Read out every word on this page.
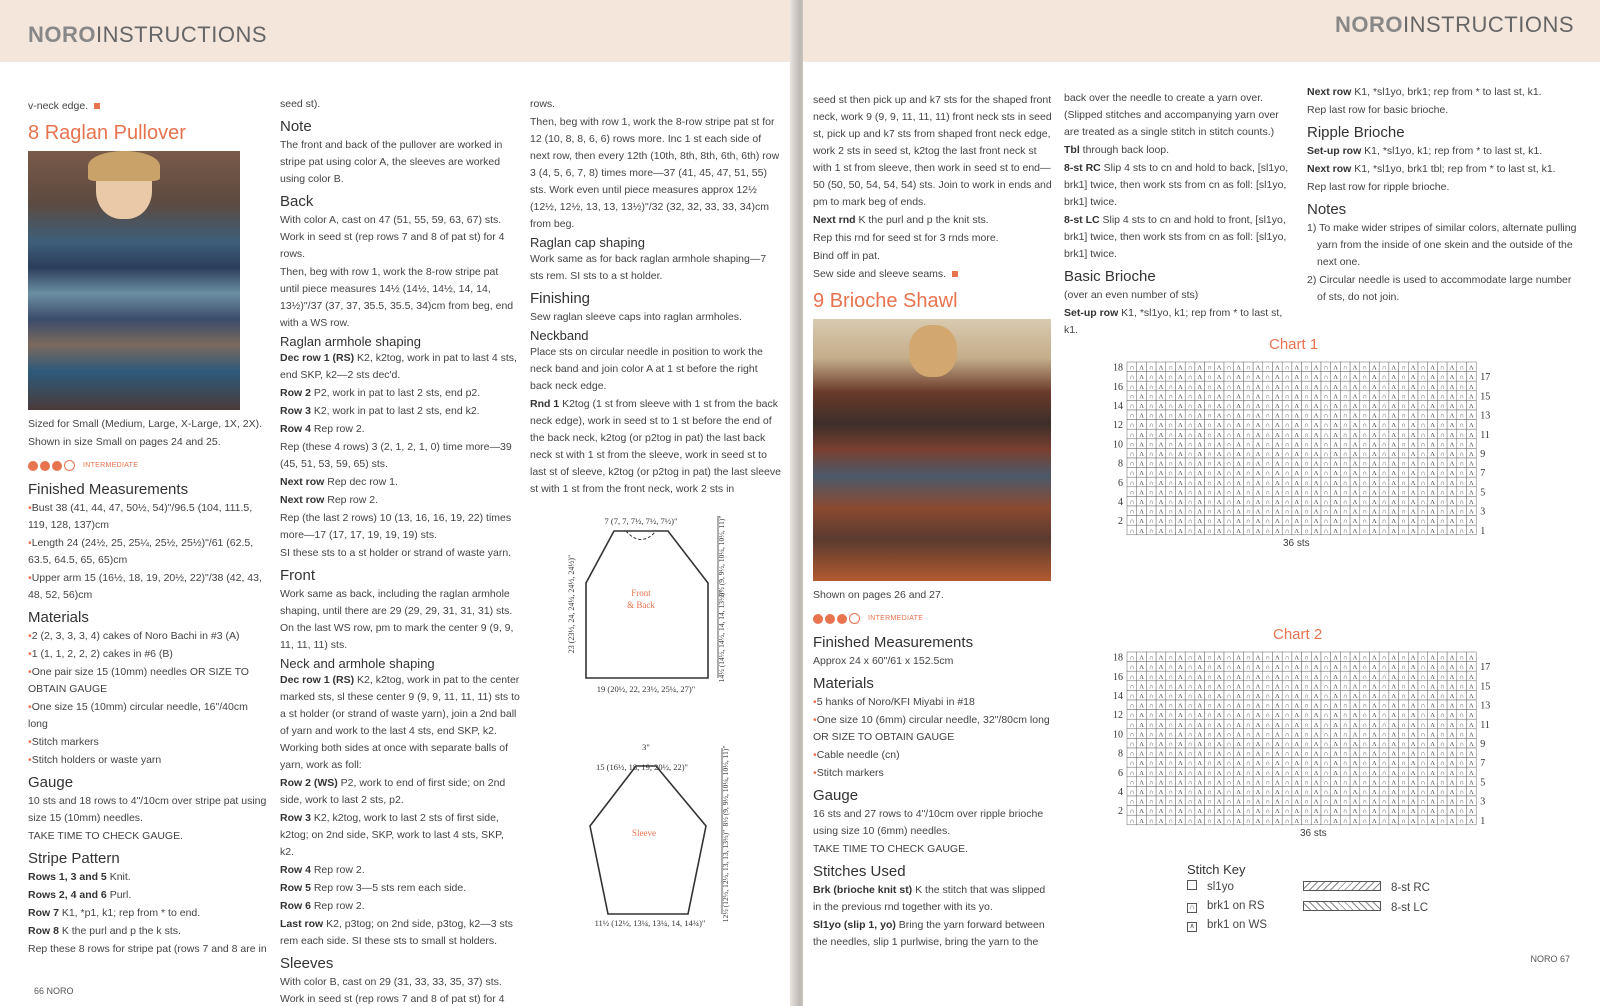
NOROINSTRUCTIONS

v-neck edge.

8 Raglan Pullover

Sized for Small (Medium, Large, X-Large, 1X, 2X).

Shown in size Small on pages 24 and 25.

INTERMEDIATE
Finished Measurements

•Bust 38 (41, 44, 47, 50½, 54)"/96.5 (104, 111.5, 119, 128, 137)cm

•Length 24 (24½, 25, 25¼, 25½, 25½)"/61 (62.5, 63.5, 64.5, 65, 65)cm

•Upper arm 15 (16½, 18, 19, 20½, 22)"/38 (42, 43, 48, 52, 56)cm

Materials

•2 (2, 3, 3, 3, 4) cakes of Noro Bachi in #3 (A)

•1 (1, 1, 2, 2, 2) cakes in #6 (B)

•One pair size 15 (10mm) needles OR SIZE TO OBTAIN GAUGE

•One size 15 (10mm) circular needle, 16"/40cm long

•Stitch markers

•Stitch holders or waste yarn

Gauge

10 sts and 18 rows to 4"/10cm over stripe pat using size 15 (10mm) needles.

TAKE TIME TO CHECK GAUGE.

Stripe Pattern

Rows 1, 3 and 5 Knit.

Rows 2, 4 and 6 Purl.

Row 7 K1, *p1, k1; rep from * to end.

Row 8 K the purl and p the k sts.

Rep these 8 rows for stripe pat (rows 7 and 8 are in

seed st).

Note

The front and back of the pullover are worked in stripe pat using color A, the sleeves are worked using color B.

Back

With color A, cast on 47 (51, 55, 59, 63, 67) sts. Work in seed st (rep rows 7 and 8 of pat st) for 4 rows.

Then, beg with row 1, work the 8-row stripe pat until piece measures 14½ (14½, 14½, 14, 14, 13½)"/37 (37, 37, 35.5, 35.5, 34)cm from beg, end with a WS row.

Raglan armhole shaping

Dec row 1 (RS) K2, k2tog, work in pat to last 4 sts, end SKP, k2—2 sts dec'd.

Row 2 P2, work in pat to last 2 sts, end p2.

Row 3 K2, work in pat to last 2 sts, end k2.

Row 4 Rep row 2.

Rep (these 4 rows) 3 (2, 1, 2, 1, 0) time more—39 (45, 51, 53, 59, 65) sts.

Next row Rep dec row 1.

Next row Rep row 2.

Rep (the last 2 rows) 10 (13, 16, 16, 19, 22) times more—17 (17, 17, 19, 19, 19) sts.

SI these sts to a st holder or strand of waste yarn.

Front

Work same as back, including the raglan armhole shaping, until there are 29 (29, 29, 31, 31, 31) sts. On the last WS row, pm to mark the center 9 (9, 9, 11, 11, 11) sts.

Neck and armhole shaping

Dec row 1 (RS) K2, k2tog, work in pat to the center marked sts, sl these center 9 (9, 9, 11, 11, 11) sts to a st holder (or strand of waste yarn), join a 2nd ball of yarn and work to the last 4 sts, end SKP, k2. Working both sides at once with separate balls of yarn, work as foll:

Row 2 (WS) P2, work to end of first side; on 2nd side, work to last 2 sts, p2.

Row 3 K2, k2tog, work to last 2 sts of first side, k2tog; on 2nd side, SKP, work to last 4 sts, SKP, k2.

Row 4 Rep row 2.

Row 5 Rep row 3—5 sts rem each side.

Row 6 Rep row 2.

Last row K2, p3tog; on 2nd side, p3tog, k2—3 sts rem each side. SI these sts to small st holders.

Sleeves

With color B, cast on 29 (31, 33, 33, 35, 37) sts. Work in seed st (rep rows 7 and 8 of pat st) for 4

rows.

Then, beg with row 1, work the 8-row stripe pat st for 12 (10, 8, 8, 6, 6) rows more. Inc 1 st each side of next row, then every 12th (10th, 8th, 8th, 6th, 6th) row 3 (4, 5, 6, 7, 8) times more—37 (41, 45, 47, 51, 55) sts. Work even until piece measures approx 12½ (12½, 12½, 13, 13, 13½)"/32 (32, 32, 33, 33, 34)cm from beg.

Raglan cap shaping

Work same as for back raglan armhole shaping—7 sts rem. SI sts to a st holder.

Finishing

Sew raglan sleeve caps into raglan armholes.

Neckband

Place sts on circular needle in position to work the neck band and join color A at 1 st before the right back neck edge.

Rnd 1 K2tog (1 st from sleeve with 1 st from the back neck edge), work in seed st to 1 st before the end of the back neck, k2tog (or p2tog in pat) the last back neck st with 1 st from the sleeve, work in seed st to last st of sleeve, k2tog (or p2tog in pat) the last sleeve st with 1 st from the front neck, work 2 sts in

7 (7, 7, 7½, 7½, 7½)"
Front
& Back
19 (20½, 22, 23½, 25¼, 27)"
23 (23½, 24, 24¼, 24½, 24½)"	8½ (9, 9½, 10¼, 10½, 11)"
14½ (14½, 14½, 14, 14, 13½)"
3"
15 (16½, 18, 19, 20½, 22)"
Sleeve
11½ (12½, 13¼, 13¼, 14, 14¾)"
8½ (9, 9½, 10¼, 10½, 11)"
12½ (12½, 12½, 13, 13, 13½)"
66 NORO
NOROINSTRUCTIONS

seed st then pick up and k7 sts for the shaped front neck, work 9 (9, 9, 11, 11, 11) front neck sts in seed st, pick up and k7 sts from shaped front neck edge, work 2 sts in seed st, k2tog the last front neck st with 1 st from sleeve, then work in seed st to end—50 (50, 50, 54, 54, 54) sts. Join to work in ends and pm to mark beg of ends.

Next rnd K the purl and p the knit sts.

Rep this rnd for seed st for 3 rnds more.

Bind off in pat.

Sew side and sleeve seams.

9 Brioche Shawl

Shown on pages 26 and 27.

INTERMEDIATE
Finished Measurements

Approx 24 x 60"/61 x 152.5cm

Materials

•5 hanks of Noro/KFI Miyabi in #18

•One size 10 (6mm) circular needle, 32"/80cm long OR SIZE TO OBTAIN GAUGE

•Cable needle (cn)

•Stitch markers

Gauge

16 sts and 27 rows to 4"/10cm over ripple brioche using size 10 (6mm) needles.

TAKE TIME TO CHECK GAUGE.

Stitches Used

Brk (brioche knit st) K the stitch that was slipped in the previous rnd together with its yo.

Sl1yo (slip 1, yo) Bring the yarn forward between the needles, slip 1 purlwise, bring the yarn to the

back over the needle to create a yarn over. (Slipped stitches and accompanying yarn over are treated as a single stitch in stitch counts.)

Tbl through back loop.

8-st RC Slip 4 sts to cn and hold to back, [sl1yo, brk1] twice, then work sts from cn as foll: [sl1yo, brk1] twice.

8-st LC Slip 4 sts to cn and hold to front, [sl1yo, brk1] twice, then work sts from cn as foll: [sl1yo, brk1] twice.

Basic Brioche

(over an even number of sts)

Set-up row K1, *sl1yo, k1; rep from * to last st, k1.

Next row K1, *sl1yo, brk1; rep from * to last st, k1.

Rep last row for basic brioche.

Ripple Brioche

Set-up row K1, *sl1yo, k1; rep from * to last st, k1.

Next row K1, *sl1yo, brk1 tbl; rep from * to last st, k1.

Rep last row for ripple brioche.

Notes

1) To make wider stripes of similar colors, alternate pulling yarn from the inside of one skein and the outside of the next one.

2) Circular needle is used to accommodate large number of sts, do not join.

Chart 1
∩ Λ ∩ Λ ∩ Λ ∩ Λ ∩ Λ ∩ Λ ∩ Λ ∩ Λ ∩ Λ ∩ Λ ∩ Λ ∩ Λ ∩ Λ ∩ Λ ∩ Λ ∩ Λ ∩ Λ ∩ Λ
∩ Λ ∩ Λ ∩ Λ ∩ Λ ∩ Λ ∩ Λ ∩ Λ ∩ Λ ∩ Λ ∩ Λ ∩ Λ ∩ Λ ∩ Λ ∩ Λ ∩ Λ ∩ Λ ∩ Λ ∩ Λ
∩ Λ ∩ Λ ∩ Λ ∩ Λ ∩ Λ ∩ Λ ∩ Λ ∩ Λ ∩ Λ ∩ Λ ∩ Λ ∩ Λ ∩ Λ ∩ Λ ∩ Λ ∩ Λ ∩ Λ ∩ Λ
∩ Λ ∩ Λ ∩ Λ ∩ Λ ∩ Λ ∩ Λ ∩ Λ ∩ Λ ∩ Λ ∩ Λ ∩ Λ ∩ Λ ∩ Λ ∩ Λ ∩ Λ ∩ Λ ∩ Λ ∩ Λ
∩ Λ ∩ Λ ∩ Λ ∩ Λ ∩ Λ ∩ Λ ∩ Λ ∩ Λ ∩ Λ ∩ Λ ∩ Λ ∩ Λ ∩ Λ ∩ Λ ∩ Λ ∩ Λ ∩ Λ ∩ Λ
∩ Λ ∩ Λ ∩ Λ ∩ Λ ∩ Λ ∩ Λ ∩ Λ ∩ Λ ∩ Λ ∩ Λ ∩ Λ ∩ Λ ∩ Λ ∩ Λ ∩ Λ ∩ Λ ∩ Λ ∩ Λ
∩ Λ ∩ Λ ∩ Λ ∩ Λ ∩ Λ ∩ Λ ∩ Λ ∩ Λ ∩ Λ ∩ Λ ∩ Λ ∩ Λ ∩ Λ ∩ Λ ∩ Λ ∩ Λ ∩ Λ ∩ Λ
∩ Λ ∩ Λ ∩ Λ ∩ Λ ∩ Λ ∩ Λ ∩ Λ ∩ Λ ∩ Λ ∩ Λ ∩ Λ ∩ Λ ∩ Λ ∩ Λ ∩ Λ ∩ Λ ∩ Λ ∩ Λ
∩ Λ ∩ Λ ∩ Λ ∩ Λ ∩ Λ ∩ Λ ∩ Λ ∩ Λ ∩ Λ ∩ Λ ∩ Λ ∩ Λ ∩ Λ ∩ Λ ∩ Λ ∩ Λ ∩ Λ ∩ Λ
∩ Λ ∩ Λ ∩ Λ ∩ Λ ∩ Λ ∩ Λ ∩ Λ ∩ Λ ∩ Λ ∩ Λ ∩ Λ ∩ Λ ∩ Λ ∩ Λ ∩ Λ ∩ Λ ∩ Λ ∩ Λ
∩ Λ ∩ Λ ∩ Λ ∩ Λ ∩ Λ ∩ Λ ∩ Λ ∩ Λ ∩ Λ ∩ Λ ∩ Λ ∩ Λ ∩ Λ ∩ Λ ∩ Λ ∩ Λ ∩ Λ ∩ Λ
∩ Λ ∩ Λ ∩ Λ ∩ Λ ∩ Λ ∩ Λ ∩ Λ ∩ Λ ∩ Λ ∩ Λ ∩ Λ ∩ Λ ∩ Λ ∩ Λ ∩ Λ ∩ Λ ∩ Λ ∩ Λ
∩ Λ ∩ Λ ∩ Λ ∩ Λ ∩ Λ ∩ Λ ∩ Λ ∩ Λ ∩ Λ ∩ Λ ∩ Λ ∩ Λ ∩ Λ ∩ Λ ∩ Λ ∩ Λ ∩ Λ ∩ Λ
∩ Λ ∩ Λ ∩ Λ ∩ Λ ∩ Λ ∩ Λ ∩ Λ ∩ Λ ∩ Λ ∩ Λ ∩ Λ ∩ Λ ∩ Λ ∩ Λ ∩ Λ ∩ Λ ∩ Λ ∩ Λ
∩ Λ ∩ Λ ∩ Λ ∩ Λ ∩ Λ ∩ Λ ∩ Λ ∩ Λ ∩ Λ ∩ Λ ∩ Λ ∩ Λ ∩ Λ ∩ Λ ∩ Λ ∩ Λ ∩ Λ ∩ Λ
∩ Λ ∩ Λ ∩ Λ ∩ Λ ∩ Λ ∩ Λ ∩ Λ ∩ Λ ∩ Λ ∩ Λ ∩ Λ ∩ Λ ∩ Λ ∩ Λ ∩ Λ ∩ Λ ∩ Λ ∩ Λ
∩ Λ ∩ Λ ∩ Λ ∩ Λ ∩ Λ ∩ Λ ∩ Λ ∩ Λ ∩ Λ ∩ Λ ∩ Λ ∩ Λ ∩ Λ ∩ Λ ∩ Λ ∩ Λ ∩ Λ ∩ Λ
∩ Λ ∩ Λ ∩ Λ ∩ Λ ∩ Λ ∩ Λ ∩ Λ ∩ Λ ∩ Λ ∩ Λ ∩ Λ ∩ Λ ∩ Λ ∩ Λ ∩ Λ ∩ Λ ∩ Λ ∩ Λ
18
16
14
12
10
8
6
4
2
17
15
13
11
9
7
5
3
1
36 sts
Chart 2
∩ Λ ∩ Λ ∩ Λ ∩ Λ ∩ Λ ∩ Λ ∩ Λ ∩ Λ ∩ Λ ∩ Λ ∩ Λ ∩ Λ ∩ Λ ∩ Λ ∩ Λ ∩ Λ ∩ Λ ∩ Λ
∩ Λ ∩ Λ ∩ Λ ∩ Λ ∩ Λ ∩ Λ ∩ Λ ∩ Λ ∩ Λ ∩ Λ ∩ Λ ∩ Λ ∩ Λ ∩ Λ ∩ Λ ∩ Λ ∩ Λ ∩ Λ
∩ Λ ∩ Λ ∩ Λ ∩ Λ ∩ Λ ∩ Λ ∩ Λ ∩ Λ ∩ Λ ∩ Λ ∩ Λ ∩ Λ ∩ Λ ∩ Λ ∩ Λ ∩ Λ ∩ Λ ∩ Λ
∩ Λ ∩ Λ ∩ Λ ∩ Λ ∩ Λ ∩ Λ ∩ Λ ∩ Λ ∩ Λ ∩ Λ ∩ Λ ∩ Λ ∩ Λ ∩ Λ ∩ Λ ∩ Λ ∩ Λ ∩ Λ
∩ Λ ∩ Λ ∩ Λ ∩ Λ ∩ Λ ∩ Λ ∩ Λ ∩ Λ ∩ Λ ∩ Λ ∩ Λ ∩ Λ ∩ Λ ∩ Λ ∩ Λ ∩ Λ ∩ Λ ∩ Λ
∩ Λ ∩ Λ ∩ Λ ∩ Λ ∩ Λ ∩ Λ ∩ Λ ∩ Λ ∩ Λ ∩ Λ ∩ Λ ∩ Λ ∩ Λ ∩ Λ ∩ Λ ∩ Λ ∩ Λ ∩ Λ
∩ Λ ∩ Λ ∩ Λ ∩ Λ ∩ Λ ∩ Λ ∩ Λ ∩ Λ ∩ Λ ∩ Λ ∩ Λ ∩ Λ ∩ Λ ∩ Λ ∩ Λ ∩ Λ ∩ Λ ∩ Λ
∩ Λ ∩ Λ ∩ Λ ∩ Λ ∩ Λ ∩ Λ ∩ Λ ∩ Λ ∩ Λ ∩ Λ ∩ Λ ∩ Λ ∩ Λ ∩ Λ ∩ Λ ∩ Λ ∩ Λ ∩ Λ
∩ Λ ∩ Λ ∩ Λ ∩ Λ ∩ Λ ∩ Λ ∩ Λ ∩ Λ ∩ Λ ∩ Λ ∩ Λ ∩ Λ ∩ Λ ∩ Λ ∩ Λ ∩ Λ ∩ Λ ∩ Λ
∩ Λ ∩ Λ ∩ Λ ∩ Λ ∩ Λ ∩ Λ ∩ Λ ∩ Λ ∩ Λ ∩ Λ ∩ Λ ∩ Λ ∩ Λ ∩ Λ ∩ Λ ∩ Λ ∩ Λ ∩ Λ
∩ Λ ∩ Λ ∩ Λ ∩ Λ ∩ Λ ∩ Λ ∩ Λ ∩ Λ ∩ Λ ∩ Λ ∩ Λ ∩ Λ ∩ Λ ∩ Λ ∩ Λ ∩ Λ ∩ Λ ∩ Λ
∩ Λ ∩ Λ ∩ Λ ∩ Λ ∩ Λ ∩ Λ ∩ Λ ∩ Λ ∩ Λ ∩ Λ ∩ Λ ∩ Λ ∩ Λ ∩ Λ ∩ Λ ∩ Λ ∩ Λ ∩ Λ
∩ Λ ∩ Λ ∩ Λ ∩ Λ ∩ Λ ∩ Λ ∩ Λ ∩ Λ ∩ Λ ∩ Λ ∩ Λ ∩ Λ ∩ Λ ∩ Λ ∩ Λ ∩ Λ ∩ Λ ∩ Λ
∩ Λ ∩ Λ ∩ Λ ∩ Λ ∩ Λ ∩ Λ ∩ Λ ∩ Λ ∩ Λ ∩ Λ ∩ Λ ∩ Λ ∩ Λ ∩ Λ ∩ Λ ∩ Λ ∩ Λ ∩ Λ
∩ Λ ∩ Λ ∩ Λ ∩ Λ ∩ Λ ∩ Λ ∩ Λ ∩ Λ ∩ Λ ∩ Λ ∩ Λ ∩ Λ ∩ Λ ∩ Λ ∩ Λ ∩ Λ ∩ Λ ∩ Λ
∩ Λ ∩ Λ ∩ Λ ∩ Λ ∩ Λ ∩ Λ ∩ Λ ∩ Λ ∩ Λ ∩ Λ ∩ Λ ∩ Λ ∩ Λ ∩ Λ ∩ Λ ∩ Λ ∩ Λ ∩ Λ
∩ Λ ∩ Λ ∩ Λ ∩ Λ ∩ Λ ∩ Λ ∩ Λ ∩ Λ ∩ Λ ∩ Λ ∩ Λ ∩ Λ ∩ Λ ∩ Λ ∩ Λ ∩ Λ ∩ Λ ∩ Λ
∩ Λ ∩ Λ ∩ Λ ∩ Λ ∩ Λ ∩ Λ ∩ Λ ∩ Λ ∩ Λ ∩ Λ ∩ Λ ∩ Λ ∩ Λ ∩ Λ ∩ Λ ∩ Λ ∩ Λ ∩ Λ
18
16
14
12
10
8
6
4
2
17
15
13
11
9
7
5
3
1
36 sts
Stitch Key
sl1yo
∩ brk1 on RS
∧ brk1 on WS
8-st RC
8-st LC
NORO 67
